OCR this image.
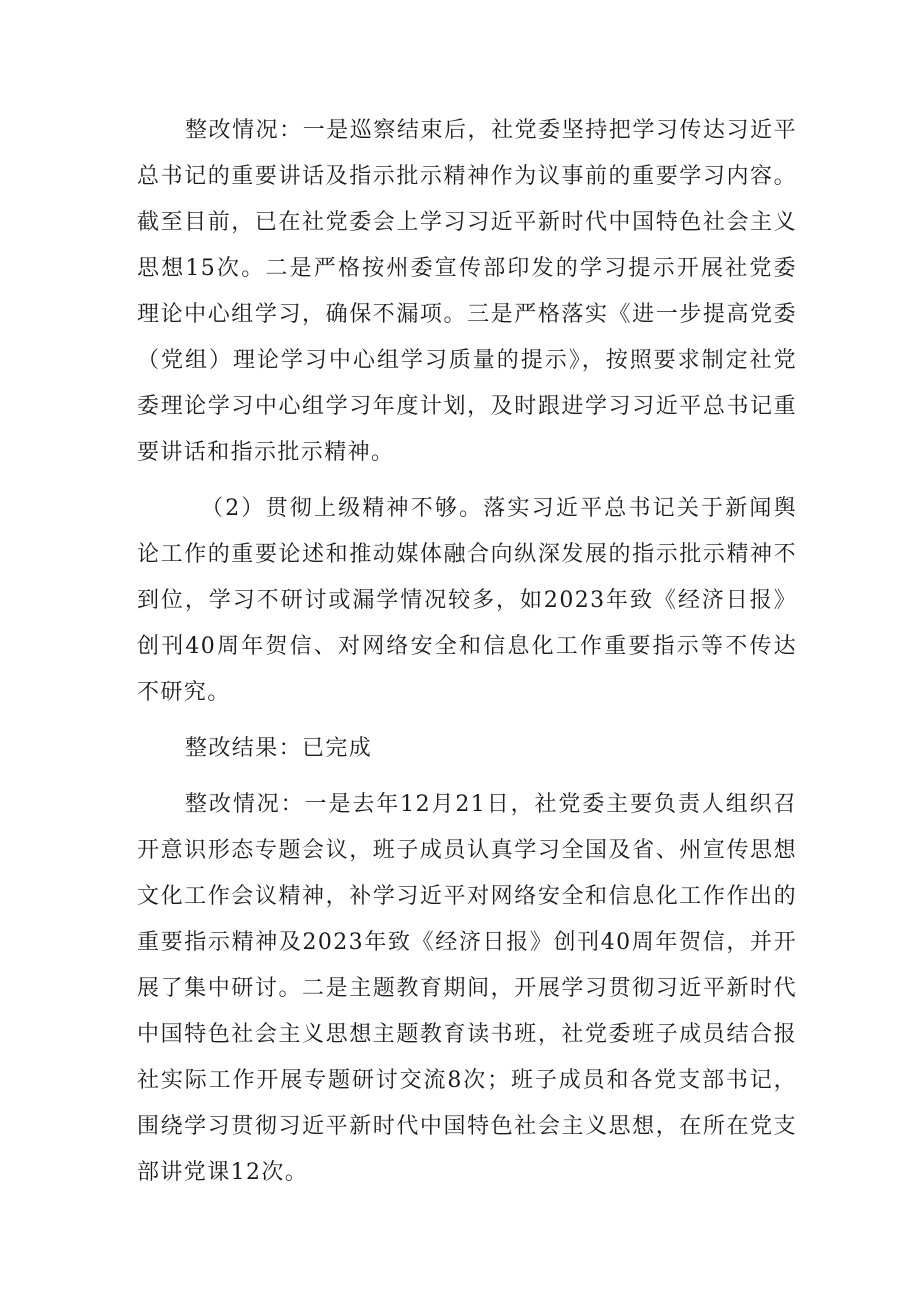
整改情况：一是巡察结束后，社党委坚持把学习传达习近平总书记的重要讲话及指示批示精神作为议事前的重要学习内容。截至目前，已在社党委会上学习习近平新时代中国特色社会主义思想15次。二是严格按州委宣传部印发的学习提示开展社党委理论中心组学习，确保不漏项。三是严格落实《进一步提高党委（党组）理论学习中心组学习质量的提示》，按照要求制定社党委理论学习中心组学习年度计划，及时跟进学习习近平总书记重要讲话和指示批示精神。

（2）贯彻上级精神不够。落实习近平总书记关于新闻舆论工作的重要论述和推动媒体融合向纵深发展的指示批示精神不到位，学习不研讨或漏学情况较多，如2023年致《经济日报》创刊40周年贺信、对网络安全和信息化工作重要指示等不传达不研究。

整改结果：已完成

整改情况：一是去年12月21日，社党委主要负责人组织召开意识形态专题会议，班子成员认真学习全国及省、州宣传思想文化工作会议精神，补学习近平对网络安全和信息化工作作出的重要指示精神及2023年致《经济日报》创刊40周年贺信，并开展了集中研讨。二是主题教育期间，开展学习贯彻习近平新时代中国特色社会主义思想主题教育读书班，社党委班子成员结合报社实际工作开展专题研讨交流8次；班子成员和各党支部书记，围绕学习贯彻习近平新时代中国特色社会主义思想，在所在党支部讲党课12次。
